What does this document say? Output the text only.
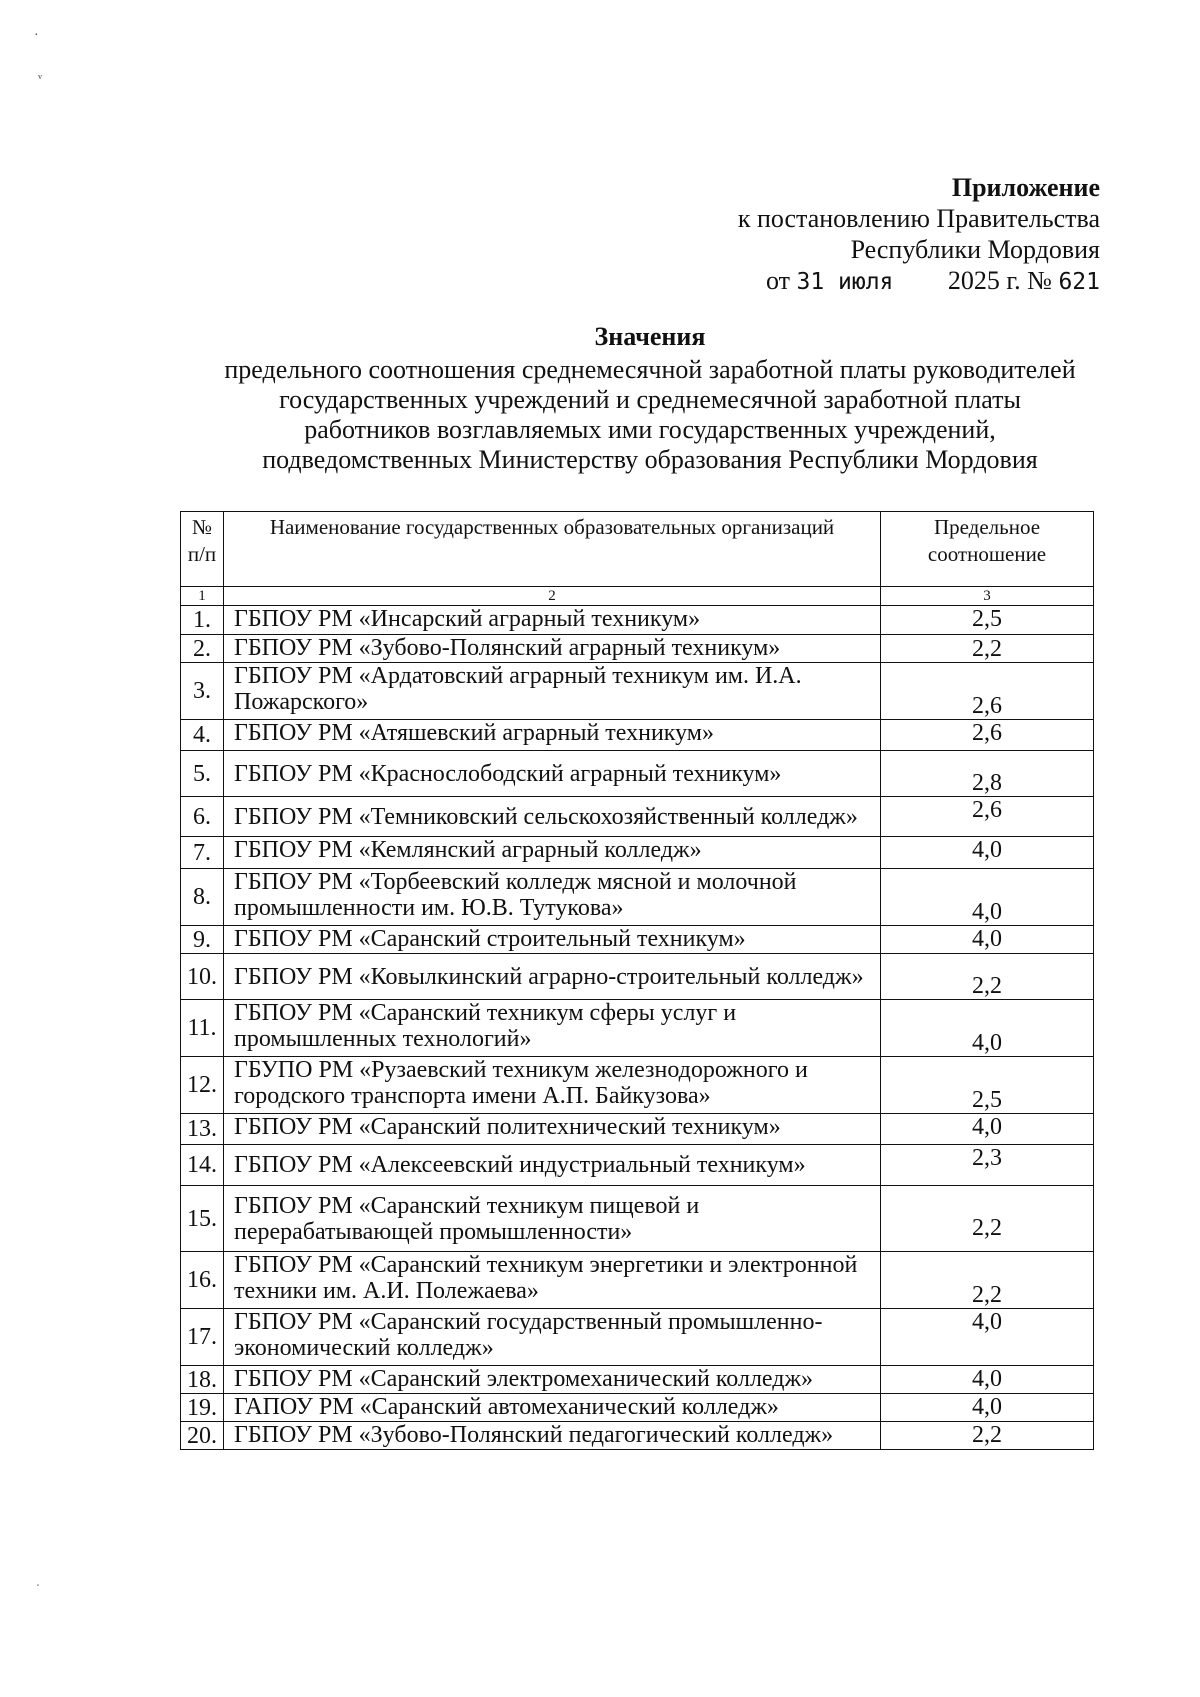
·
ᵛ
Приложение
к постановлению Правительства
Республики Мордовия
от 31 июля 2025 г. № 621
Значения
предельного соотношения среднемесячной заработной платы руководителей
государственных учреждений и среднемесячной заработной платы
работников возглавляемых ими государственных учреждений,
подведомственных Министерству образования Республики Мордовия
№ п/п	Наименование государственных образовательных организаций	Предельное соотношение
1	2	3
1.	ГБПОУ РМ «Инсарский аграрный техникум»	2,5
2.	ГБПОУ РМ «Зубово-Полянский аграрный техникум»	2,2
3.	ГБПОУ РМ «Ардатовский аграрный техникум им. И.А. Пожарского»	2,6
4.	ГБПОУ РМ «Атяшевский аграрный техникум»	2,6
5.	ГБПОУ РМ «Краснослободский аграрный техникум»	2,8
6.	ГБПОУ РМ «Темниковский сельскохозяйственный колледж»	2,6
7.	ГБПОУ РМ «Кемлянский аграрный колледж»	4,0
8.	ГБПОУ РМ «Торбеевский колледж мясной и молочной промышленности им. Ю.В. Тутукова»	4,0
9.	ГБПОУ РМ «Саранский строительный техникум»	4,0
10.	ГБПОУ РМ «Ковылкинский аграрно-строительный колледж»	2,2
11.	ГБПОУ РМ «Саранский техникум сферы услуг и промышленных технологий»	4,0
12.	ГБУПО РМ «Рузаевский техникум железнодорожного и городского транспорта имени А.П. Байкузова»	2,5
13.	ГБПОУ РМ «Саранский политехнический техникум»	4,0
14.	ГБПОУ РМ «Алексеевский индустриальный техникум»	2,3
15.	ГБПОУ РМ «Саранский техникум пищевой и перерабатывающей промышленности»	2,2
16.	ГБПОУ РМ «Саранский техникум энергетики и электронной техники им. А.И. Полежаева»	2,2
17.	ГБПОУ РМ «Саранский государственный промышленно-экономический колледж»	4,0
18.	ГБПОУ РМ «Саранский электромеханический колледж»	4,0
19.	ГАПОУ РМ «Саранский автомеханический колледж»	4,0
20.	ГБПОУ РМ «Зубово-Полянский педагогический колледж»	2,2
ˑ
